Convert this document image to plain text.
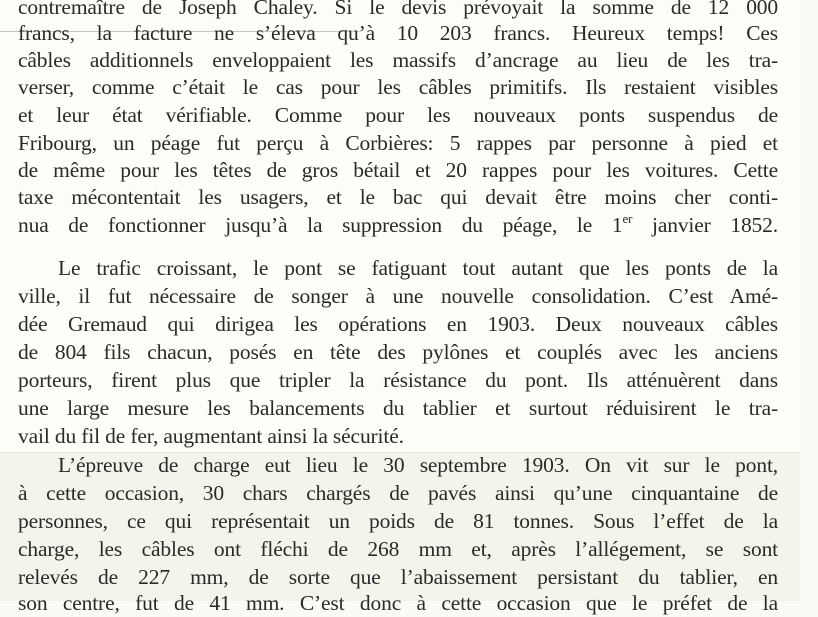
contremaître de Joseph Chaley. Si le devis prévoyait la somme de 12 000
francs, la facture ne s’éleva qu’à 10 203 francs. Heureux temps! Ces
câbles additionnels enveloppaient les massifs d’ancrage au lieu de les tra-
verser, comme c’était le cas pour les câbles primitifs. Ils restaient visibles
et leur état vérifiable. Comme pour les nouveaux ponts suspendus de
Fribourg, un péage fut perçu à Corbières: 5 rappes par personne à pied et
de même pour les têtes de gros bétail et 20 rappes pour les voitures. Cette
taxe mécontentait les usagers, et le bac qui devait être moins cher conti-
nua de fonctionner jusqu’à la suppression du péage, le 1er janvier 1852.
Le trafic croissant, le pont se fatiguant tout autant que les ponts de la
ville, il fut nécessaire de songer à une nouvelle consolidation. C’est Amé-
dée Gremaud qui dirigea les opérations en 1903. Deux nouveaux câbles
de 804 fils chacun, posés en tête des pylônes et couplés avec les anciens
porteurs, firent plus que tripler la résistance du pont. Ils atténuèrent dans
une large mesure les balancements du tablier et surtout réduisirent le tra-
vail du fil de fer, augmentant ainsi la sécurité.
L’épreuve de charge eut lieu le 30 septembre 1903. On vit sur le pont,
à cette occasion, 30 chars chargés de pavés ainsi qu’une cinquantaine de
personnes, ce qui représentait un poids de 81 tonnes. Sous l’effet de la
charge, les câbles ont fléchi de 268 mm et, après l’allégement, se sont
relevés de 227 mm, de sorte que l’abaissement persistant du tablier, en
son centre, fut de 41 mm. C’est donc à cette occasion que le préfet de la
